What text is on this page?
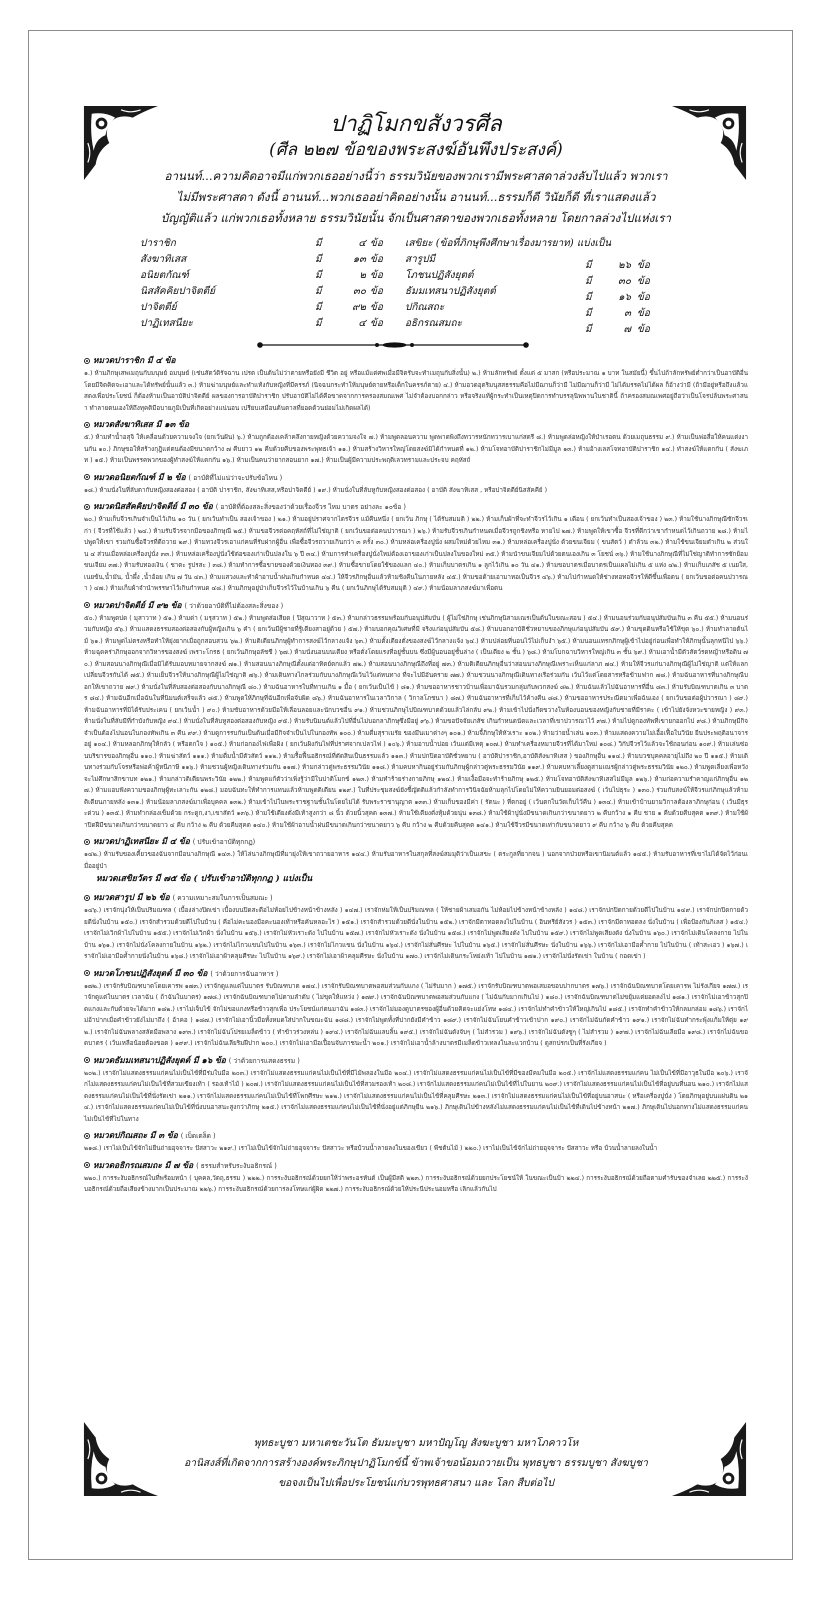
ปาฏิโมกขสังวรศีล
(ศีล ๒๒๗ ข้อของพระสงฆ์อันพึงประสงค์)
อานนท์...ความคิดอาจมีแก่พวกเธออย่างนี้ว่า ธรรมวินัยของพวกเรามีพระศาสดาล่วงลับไปแล้ว พวกเรา
ไม่มีพระศาสดา ดังนี้ อานนท์...พวกเธออย่าคิดอย่างนั้น อานนท์...ธรรมก็ดี วินัยก็ดี ที่เราแสดงแล้ว
บัญญัติแล้ว แก่พวกเธอทั้งหลาย ธรรมวินัยนั้น จักเป็นศาสดาของพวกเธอทั้งหลาย โดยกาลล่วงไปแห่งเรา
ปาราชิก	มี	๔ ข้อ
สังฆาทิเสส	มี	๑๓ ข้อ
อนิยตกัณฑ์	มี	๒ ข้อ
นิสสัคคิยปาจิตตีย์	มี	๓๐ ข้อ
ปาจิตตีย์	มี	๙๒ ข้อ
ปาฏิเทสนียะ	มี	๔ ข้อ
เสขิยะ (ข้อที่ภิกษุพึงศึกษาเรื่องมารยาท) แบ่งเป็น
สารูปมี
มี	๒๖ ข้อ
โภชนปฏิสังยุตต์
มี	๓๐ ข้อ
ธัมมเทสนาปฏิสังยุตต์
มี	๑๖ ข้อ
ปกิณสถะ
มี	๓ ข้อ
อธิกรณสมถะ
มี	๗ ข้อ
หมวดปาราชิก มี ๔ ข้อ
๑.) ห้ามภิกษุเสพเมถุนกับมนุษย์ อมนุษย์ (เช่นสัตว์ดิรัจฉาน เปรต เป็นต้นไม่ว่าตายหรือยังมี ชีวิต อยู่ หรือแม้แต่ศพเมื่อมีจิตรับจะทำเมถุนกับสิ่งนั้น) ๒.) ห้ามลักทรัพย์ ตั้งแต่ ๕ มาสก (หรือประมาณ ๑ บาท ในสมัยนี้) ขึ้นไปถ้าลักทรัพย์ต่ำกว่าเป็นอาบัติอื่น โดยมีจิตคิดจะเอาและได้ทรัพย์นั้นแล้ว ๓.) ห้ามฆ่ามนุษย์และทำแท้งกับหญิงที่มีครรภ์ (นิจฉนกระทำให้มนุษย์ตายหรือเด็กในครรภ์ตาย) ๔.) ห้ามอวดอุตริมนุสสธรรมคือไม่มีฌานก็ว่ามี ไม่มีฌานก็ว่ามี ไม่ได้มรรคไม่ได้ผล ก็อ้างว่ามี (ถ้ามีอยู่หรือถึงแล้วแสดงเพื่อประโยชน์ ก็ต้องห้ามเป็นอาบัติปาจิตตีย์ ผลของการอาบัติปาราชิก ปรับอาบัติไม่ได้คือขาดจากการครองสมณเพศ ไม่จำต้องบอกกล่าว หรือจริงแท้ผู้กระทำเป็นเหตุปิดการทำบรรลุนิพพานในชาตินี้ ถ้าครองสมณเพศอยู่ถือว่าเป็นโจรปล้นพระศาสนา ทำลายตนเองให้ถึงทุคติมีอบายภูมิเป็นที่เกิดอย่างแน่นอน เปรียบเสมือนต้นตาลที่ยอดด้วนย่อมไม่เกิดผลได้)
หมวดสังฆาทิเสส มี ๑๓ ข้อ
๕.) ห้ามทำน้ำอสุจิ ให้เคลื่อนด้วยความจงใจ (ยกเว้นฝัน) ๖.) ห้ามถูกต้องเคล้าคลึงกายหญิงด้วยความจงใจ ๗.) ห้ามพูดลอนความ พูดพาดพิงถึงทวารหนักทวารเบาแก่สตรี ๘.) ห้ามพูดล่อหญิงให้บำเรอตน ด้วยเมถุนธรรม ๙.) ห้ามเป็นพ่อสื่อให้คนแต่งงานกัน ๑๐.) ภิกษุขอให้สร้างกุฎิแต่ตนต้องมีขนาดกว้าง ๗ คืบยาว ๑๒ คืบด้วยคืบของพระพุทธเจ้า ๑๑.) ห้ามสร้างวิหารใหญ่โดยสงฆ์มิได้กำหนดที่ ๑๒.) ห้ามโจทอาบัติปาราชิกไม่มีมูล ๑๓.) ห้ามอ้างเลสโจทอาบัติปาราชิก ๑๔.) ทำสงฆ์ให้แตกกัน ( สังฆเภท ) ๑๕.) ห้ามเป็นพรรคพวกของผู้ทำสงฆ์ให้แตกกัน ๑๖.) ห้ามเป็นคนว่ายากสอนยาก ๑๗.) ห้ามเป็นผู้มีความประพฤติเลวทรามและประจบ คฤหัสถ์
หมวดอนิยตกัณฑ์ มี ๒ ข้อ ( อาบัติที่ไม่แน่ว่าจะปรับข้อไหน )
๑๘.) ห้ามนั่งในที่ลับตากับหญิงสองต่อสอง ( อาบัติ ปาราชิก, สังฆาทิเสส,หรือปาจิตตีย์ ) ๑๙.) ห้ามนั่งในที่ลับหูกับหญิงสองต่อสอง ( อาบัติ สังฆาทิเสส , หรือปาจิตตีย์นิสสัคคีย์ )
หมวดนิสสัคคิยปาจิตตีย์ มี ๓๐ ข้อ ( อาบัติที่ต้องสละสิ่งของว่าด้วยเรื่องจีวร ไหม บาตร อย่างละ ๑๐ข้อ )
๒๐.) ห้ามเก็บจีวรเกินจำเป็นไว้เกิน ๑๐ วัน ( ยกเว้นทำเป็น สองเจ้าของ ) ๒๑.) ห้ามอยู่ปราศจากไตรจีวร แม้คืนหนึ่ง ( ยกเว้น ภิกษุ ( ได้รับสมมติ ) ๒๒.) ห้ามเก็บผ้าที่จะทำจีวรไว้เกิน ๑ เดือน ( ยกเว้นทำเป็นสองเจ้าของ ) ๒๓.) ห้ามใช้นางภิกษุณีซักจีวรเก่า ( จีวรที่ใช้แล้ว ) ๒๔.) ห้ามรับจีวรจากมือของภิกษุณี ๒๕.) ห้ามขอจีวรต่อคฤหัสถ์ที่ไม่ใช่ญาติ ( ยกเว้นขอต่อคนปวารณา ) ๒๖.) ห้ามรับจีวรเกินกำหนดเมื่อจีวรถูกชิงหรือ หายไป ๒๗.) ห้ามพูดให้เขาซื้อ จีวรที่ดีกว่าเขากำหนดไว้เกินถวาย ๒๘.) ห้ามไปพูดให้เขา รวมกันซื้อจีวรที่ดีถวาย ๒๙.) ห้ามทวงจีวรเอาแก่คนที่รับฝากผู้อื่น เพื่อซื้อจีวรถวายเกินกว่า ๓ ครั้ง ๓๐.) ห้ามหล่อเครื่องปูนั่ง ผสมใหม่ด้วยไหม ๓๑.) ห้ามหล่อเครื่องปูนั่ง ด้วยขนเจียม ( ขนสัตว์ ) ดำล้วน ๓๒.) ห้ามใช้ขนเจียมดำเกิน ๒ ส่วนใน ๔ ส่วนเมื่อหล่อเครื่องปูนั่ง ๓๓.) ห้ามหล่อเครื่องปูนั่งใช้ต่อของเก่าเป็นปลงใน ๖ ปี ๓๔.) ห้ามการทำเครื่องปูนั่งใหม่ต้องเอาของเก่าเป็นปลงในของใหม่ ๓๕.) ห้ามนำขนเจียมไปด้วยตนเองเกิน ๓ โยชน์ ๓๖.) ห้ามใช้นางภิกษุณีที่ไม่ใช่ญาติทำการซักย้อมขนเจียม ๓๗.) ห้ามรับทองเงิน ( ชาตะ รูปรสะ ) ๓๘.) ห้ามทำการซื้อขายของด้วยเงินทอง ๓๙.) ห้ามซื้อขายโดยใช้ของแลก ๔๐.) ห้ามเก็บบาตรเกิน ๑ ลูกไว้เกิน ๑๐ วัน ๔๑.) ห้ามขอบาตรเมื่อบาตรเป็นแผลไม่เกิน ๕ แห่ง ๔๒.) ห้ามเก็บเภสัช ๕ เนยใส, เนยข้น,น้ำมัน, น้ำผึ้ง ,น้ำอ้อย เกิน ๗ วัน ๔๓.) ห้ามแสวงและทำผ้าอาบน้ำฝนเกินกำหนด ๔๔.) ให้จีวรภิกษุอื่นแล้วห้ามชิงคืนในภายหลัง ๔๕.) ห้ามขอด้ายเอามาทอเป็นจีวร ๔๖.) ห้ามไปกำหนดให้ช่างทอทอจีวรให้ดีขึ้นเพื่อตน ( ยกเว้นขอต่อคนปวารณา ) ๔๗.) ห้ามเก็บผ้าจำนำพรรษาไว้เกินกำหนด ๔๘.) ห้ามภิกษุอยู่ป่าเก็บจีวรไว้ในบ้านเกิน ๖ คืน ( ยกเว้นภิกษุได้รับสมมุติ ) ๔๙.) ห้ามน้อมลาภสงฆ์มาเพื่อตน
หมวดปาจิตตีย์ มี ๙๒ ข้อ ( ว่าด้วยอาบัติที่ไม่ต้องสละสิ่งของ )
๕๐.) ห้ามพูดปด ( มุสาวาท ) ๕๑.) ห้ามด่า ( มรุสวาท ) ๕๒.) ห้ามพูดส่อเสียด ( ปิสุณาวาท ) ๕๓.) ห้ามกล่าวธรรมพร้อมกับอนุปสัมบัน ( ผู้ไม่ใช่ภิกษุ เช่นภิกษุนิสามเณรเป็นต้นในขณะสอน ) ๕๔.) ห้ามนอนร่วมกับอนุปสัมบันเกิน ๓ คืน ๕๕.) ห้ามนอนร่วมกับหญิง ๕๖.) ห้ามแสดงธรรมสองต่อสองกับผู้หญิงเกิน ๖ คำ ( ยกเว้นมีผู้ชายที่รู้เดียงสาอยู่ด้วย ) ๕๗.) ห้ามบอกคุณวิเศษที่มี จริงแก่อนุปสัมบัน ๕๘.) ห้ามบอกอาบัติชั่วหยาบของภิกษุแก่อนุปสัมบัน ๕๙.) ห้ามขุดดินหรือใช้ให้ขุด ๖๐.) ห้ามทำลายต้นไม้ ๖๑.) ห้ามพูดไม่ตรงหรือทำให้ยุ่งยากเมื่อถูกสอบสวน ๖๒.) ห้ามติเตียนภิกษุผู้ทำการสงฆ์ไว้กลางแจ้ง ๖๓.) ห้ามตั้งเตียงตั่งของสงฆ์ไว้กลางแจ้ง ๖๔.) ห้ามปล่อยที่นอนไว้ไม่เก็บงำ ๖๕.) ห้ามนอนแทรกภิกษุผู้เข้าไปอยู่ก่อนเพื่อทำให้ภิกษุนั้นลุกหนีไป ๖๖.) ห้ามฉุดคร่าภิกษุออกจากวิหารของสงฆ์ เพราะโกรธ ( ยกเว้นภิกษุอลัชชี ) ๖๗.) ห้ามนั่งนอนบนเตียง หรือตั่งโดยแรงที่อยู่ชั้นบน ซึ่งมีผู้นอนอยู่ชั้นล่าง ( เป็นเตียง ๒ ชั้น ) ๖๘.) ห้ามโบกฉาบวิหารใหญ่เกิน ๓ ชั้น ๖๙.) ห้ามเอาน้ำมีตัวสัตว์รดหญ้าหรือดิน ๗๐.) ห้ามสอนนางภิกษุณีเมื่อมิได้รับมอบหมายจากสงฆ์ ๗๑.) ห้ามสอนนางภิกษุณีตั้งแต่อาทิตย์ตกแล้ว ๗๒.) ห้ามสอนนางภิกษุณีถึงที่อยู่ ๗๓.) ห้ามติเตียนภิกษุอื่นว่าสอนนางภิกษุณีเพราะเห็นแก่ลาภ ๗๔.) ห้ามให้จีวรแก่นางภิกษุณีผู้ไม่ใช่ญาติ แต่ให้แลก เปลี่ยนจีวรกันได้ ๗๕.) ห้ามเย็บจีวรให้นางภิกษุณีผู้ไม่ใช่ญาติ ๗๖.) ห้ามเดินทางไกลร่วมกับนางภิกษุณีเว้นไว้แต่หนทาง ที่จะไปมีอันตราย ๗๗.) ห้ามชวนนางภิกษุณีเดินทางเรือร่วมกัน เว้นไว้แต่โดยสารหรือข้ามฟาก ๗๘.) ห้ามฉันอาหารที่นางภิกษุณีบอกให้เขาถวาย ๗๙.) ห้ามนั่งในที่ลับสองต่อสองกับนางภิกษุณี ๘๐.) ห้ามฉันอาหารในที่ทานเกิน ๑ มื้อ ( ยกเว้นเป็นไข้ ) ๘๑.) ห้ามขออาหารชาวบ้านเพื่อมาฉันรวมกลุ่มกับพวกสงฆ์ ๘๒.) ห้ามฉันแล้วไปฉันอาหารที่อื่น ๘๓.) ห้ามรับบิณฑบาตเกิน ๓ บาตร ๘๔.) ห้ามฉันอีกเมื่อฉันในที่นิมนต์เสร็จแล้ว ๘๕.) ห้ามพูดให้ภิกษุที่ฉันอีกเพื่อจับผิด ๘๖.) ห้ามฉันอาหารในเวลาวิกาล ( วิกาลโภชนา ) ๘๗.) ห้ามฉันอาหารที่เก็บไว้ค้างคืน ๘๘.) ห้ามขออาหารประณีตมาเพื่อฉันเอง ( ยกเว้นขอต่อผู้ปวารณา ) ๘๙.) ห้ามฉันอาหารที่มิได้รับประเคน ( ยกเว้นน้ำ ) ๙๐.) ห้ามขับอาหารด้วยมือให้เลื่อนลอยและนักบวชอื่น ๙๑.) ห้ามชวนภิกษุไปบิณฑบาตด้วยแล้วไล่กลับ ๙๒.) ห้ามเข้าไปนั่งกีดขวางในห้องนอนของหญิงกับชายที่มีราคะ ( เข้าไปยังจังหวะขายหญิง ) ๙๓.) ห้ามนั่งในที่ลับมีที่กำบังกับหญิง ๙๔.) ห้ามนั่งในที่ลับหูสองต่อสองกับหญิง ๙๕.) ห้ามรับนิมนต์แล้วไปที่อื่นไม่บอกลาภิกษุซึ่งมีอยู่ ๙๖.) ห้ามขอปัจจัยเภสัช เกินกำหนดนัดและเวลาที่เขาปวารณาไว้ ๙๗.) ห้ามไปดูกองทัพที่เขายกออกไป ๙๘.) ห้ามภิกษุมีกิจจำเป็นต้องไปนอนในกองทัพเกิน ๓ คืน ๙๙.) ห้ามดูการรบกันเป็นต้นเมื่อมีกิจจำเป็นไปในกองทัพ ๑๐๐.) ห้ามดื่มสุราเมรัย ของมึนเมาต่างๆ ๑๐๑.) ห้ามจี้ภิกษุให้หัวเราะ ๑๐๒.) ห้ามว่ายน้ำเล่น ๑๐๓.) ห้ามแสดงความไม่เอื้อเฟื้อในวินัย ยืนประพฤติอนาจารอยู่ ๑๐๔.) ห้ามหลอกภิกษุให้กลัว ( หรือตกใจ ) ๑๐๕.) ห้ามก่อกองไฟเพื่อผิง ( ยกเว้นผิงกันไฟที่ปราศจากเปลวไฟ ) ๑๐๖.) ห้ามอาบน้ำบ่อย เว้นแต่มีเหตุ ๑๐๗.) ห้ามทำเครื่องหมายจีวรที่ได้มาใหม่ ๑๐๘.) วิกัปจีวรไว้แล้วจะใช้ถอนก่อน ๑๐๙.) ห้ามเล่นซ่อนบริขารของภิกษุอื่น ๑๑๐.) ห้ามฆ่าสัตว์ ๑๑๑.) ห้ามดื่มน้ำมีตัวสัตว์ ๑๑๒.) ห้ามรื้อฟื้นอธิกรณ์ที่ตัดสินเป็นธรรมแล้ว ๑๑๓.) ห้ามปกปิดอาบัติชั่วหยาบ ( อาบัติปาราชิก,อาบัติสังฆาทิเสส ) ของภิกษุอื่น ๑๑๔.) ห้ามบวชบุคคลอายุไม่ถึง ๒๐ ปี ๑๑๕.) ห้ามเดินทางร่วมกับโจรหรือพ่อค้าผู้หนีภาษี ๑๑๖.) ห้ามชวนผู้หญิงเดินทางร่วมกัน ๑๑๗.) ห้ามกล่าวตู่พระธรรมวินัย ๑๑๘.) ห้ามคบหากินอยู่ร่วมกับภิกษุผู้กล่าวตู่พระธรรมวินัย ๑๑๙.) ห้ามคบหาเลี้ยงดูสามเณรผู้กล่าวตู่พระธรรมวินัย ๑๒๐.) ห้ามพูดเลี่ยงเพื่อหวังจะไม่ศึกษาสิกขาบท ๑๒๑.) ห้ามกล่าวติเตียนพระวินัย ๑๒๒.) ห้ามพูดแก้ตัวว่าเพิ่งรู้ว่ามีในปาติโมกข์ ๑๒๓.) ห้ามทำร้ายร่างกายภิกษุ ๑๒๔.) ห้ามเงื้อมือจะทำร้ายภิกษุ ๑๒๕.) ห้ามโจทอาบัติสังฆาทิเสสไม่มีมูล ๑๒๖.) ห้ามก่อความรำคาญแก่ภิกษุอื่น ๑๒๗.) ห้ามแอบฟังความของภิกษุผู้ทะเลาะกัน ๑๒๘.) มอบฉันทะให้ทำการแทนแล้วห้ามพูดติเตียน ๑๒๙.) ในที่ประชุมสงฆ์ยังชี้ญัตติแล้วกำลังทำการวินิจฉัยห้ามลุกไปโดยไม่ให้ความยินยอมต่อสงฆ์ ( เว้นไปธุระ ) ๑๓๐.) ร่วมกับสงฆ์ให้จีวรแก่ภิกษุแล้วห้ามติเตียนภายหลัง ๑๓๑.) ห้ามน้อมลาภสงฆ์มาเพื่อบุคคล ๑๓๒.) ห้ามเข้าไปในพระราชฐานชั้นในโดยไม่ได้ รับพระราชานุญาต ๑๓๓.) ห้ามเก็บของมีค่า ( รัตนะ ) ที่ตกอยู่ ( เว้นตกในวัดเก็บไว้คืน ) ๑๓๔.) ห้ามเข้าบ้านยามวิกาลต้องลาภิกษุก่อน ( เว้นมีธุระด่วน ) ๑๓๕.) ห้ามทำกล่องเข็มด้วย กระดูก,งา,เขาสัตว์ ๑๓๖.) ห้ามใช้เตียงตั่งมีเท้าสูงกว่า ๘ นิ้ว ด้วยนิ้วสุคต ๑๓๗.) ห้ามใช้เตียงตั่งหุ้มด้วยนุ่น ๑๓๘.) ห้ามใช้ผ้าปูนั่งมีขนาดเกินกว่าขนาดยาว ๒ คืบกว้าง ๑ คืบ ชาย ๑ คืบด้วยคืบสุคต ๑๓๙.) ห้ามใช้ผ้าปิดฝีมีขนาดเกินกว่าขนาดยาว ๔ คืบ กว้าง ๒ คืบ ด้วยคืบสุคต ๑๔๐.) ห้ามใช้ผ้าอาบน้ำฝนมีขนาดเกินกว่าขนาดยาว ๖ คืบ กว้าง ๒ คืบด้วยคืบสุคต ๑๔๑.) ห้ามใช้จีวรมีขนาดเท่ากับขนาดยาว ๙ คืบ กว้าง ๖ คืบ ด้วยคืบสุคต
หมวดปาฏิเทสนียะ มี ๔ ข้อ ( ปรับเข้าอาบัติทุกกฏ)
๑๔๒.) ห้ามรับของเคี้ยวของฉันจากมือนางภิกษุณี ๑๔๓.) ให้ไล่นางภิกษุณีที่มายุ่งให้เขาถวายอาหาร ๑๔๔.) ห้ามรับอาหารในสกุลที่สงฆ์สมมุติว่าเป็นเสขะ ( ตระกูลที่ยากจน ) นอกจากป่วยหรือเขานิมนต์แล้ว ๑๔๕.) ห้ามรับอาหารที่เขาไม่ได้จัดไว้ก่อนเมื่ออยู่ป่า
หมวดเสขิยวัตร มี ๗๕ ข้อ ( ปรับเข้าอาบัติทุกกฏ ) แบ่งเป็น
หมวดสารูป มี ๒๖ ข้อ ( ความเหมาะสมในการเป็นสมณะ )
๑๔๖.) เราจักนุ่งให้เป็นปริมณฑล ( เบื้องล่างปิดเข่า เบื้องบนปิดสะดือไม่ห้อยไปข้างหน้าข้างหลัง ) ๑๔๗.) เราจักห่มให้เป็นปริมณฑล ( ให้ชายผ้าเสมอกัน ไม่ห้อยไปข้างหน้าข้างหลัง ) ๑๔๘.) เราจักปกปิดกายด้วยดีไปในบ้าน ๑๔๙.) เราจักปกปิดกายด้วยดีนั่งในบ้าน ๑๕๐.) เราจักสำรวมด้วยดีไปในบ้าน ( คือไม่คะนองมือคะนองเท้าหรือคันหลอะไร ) ๑๕๑.) เราจักสำรวมด้วยดีนั่งในบ้าน ๑๕๒.) เราจักมีตาทอดลงไปในบ้าน ( อินทรีย์สังวร ) ๑๕๓.) เราจักมีตาทอดลง นั่งในบ้าน ( เพื่อป้องกันกิเลส ) ๑๕๔.) เราจักไม่เวิกผ้าไปในบ้าน ๑๕๕.) เราจักไม่เวิกผ้า นั่งในบ้าน ๑๕๖.) เราจักไม่หัวเราะดัง ไปในบ้าน ๑๕๗.) เราจักไม่หัวเราะดัง นั่งในบ้าน ๑๕๘.) เราจักไม่พูดเสียงดัง ไปในบ้าน ๑๕๙.) เราจักไม่พูดเสียงดัง นั่งในบ้าน ๑๖๐.) เราจักไม่เดินโคลงกาย ไปในบ้าน ๑๖๑.) เราจักไม่นั่งโคลงกายในบ้าน ๑๖๒.) เราจักไม่ไกวแขนไปในบ้าน ๑๖๓.) เราจักไม่ไกวแขน นั่งในบ้าน ๑๖๔.) เราจักไม่สั่นศีรษะ ไปในบ้าน ๑๖๕.) เราจักไม่สั่นศีรษะ นั่งในบ้าน ๑๖๖.) เราจักไม่เอามือค้ำกาย ไปในบ้าน ( เท้าสะเอว ) ๑๖๗.) เราจักไม่เอามือค้ำกายนั่งในบ้าน ๑๖๘.) เราจักไม่เอาผ้าคลุมศีรษะ ไปในบ้าน ๑๖๙.) เราจักไม่เอาผ้าคลุมศีรษะ นั่งในบ้าน ๑๗๐.) เราจักไม่เดินกระโหย่งเท้า ไปในบ้าน ๑๗๑.) เราจักไม่นั่งรัดเข่า ในบ้าน ( กอดเข่า )
หมวดโภชนปฏิสังยุตต์ มี ๓๐ ข้อ ( ว่าด้วยการฉันอาหาร )
๑๗๒.) เราจักรับบิณฑบาตโดยเคารพ ๑๗๓.) เราจักดูแลแต่ในบาตร รับบิณฑบาต ๑๗๔.) เราจักรับบิณฑบาตพอสมส่วนกับแกง ( ไม่รับมาก ) ๑๗๕.) เราจักรับบิณฑบาตพอเสมอขอบปากบาตร ๑๗๖.) เราจักฉันบิณฑบาตโดยเคารพ ไม่รังเกียจ ๑๗๗.) เราจักดูแต่ในบาตร เวลาฉัน ( ถ้าฉันในบาตร) ๑๗๘.) เราจักฉันบิณฑบาตไปตามลำดับ ( ไม่ขุดให้แหว่ง ) ๑๗๙.) เราจักฉันบิณฑบาตพอสมส่วนกับแกง ( ไม่ฉันกับมากเกินไป ) ๑๘๐.) เราจักฉันบิณฑบาตไม่ขยุ้มแต่ยอดลงไป ๑๘๑.) เราจักไม่เอาข้าวสุกปิดแกงและกับด้วยจะได้มาก ๑๘๒.) เราไม่เจ็บไข้ จักไม่ขอแกงหรือข้าวสุกเพื่อ ประโยชน์แก่ตนมาฉัน ๑๘๓.) เราจักไม่มองดูบาตรของผู้อื่นด้วยคิดจะแย่งโทษ ๑๘๔.) เราจักไม่ทำคำข้าวให้ใหญ่เกินไป ๑๘๕.) เราจักทำคำข้าวให้กลมกล่อม ๑๘๖.) เราจักไม่อ้าปากเมื่อคำข้าวยังไม่มาถึง ( อ้าคอ ) ๑๘๗.) เราจักไม่เอานิ้วมือทั้งหมดใส่ปากในขณะฉัน ๑๘๘.) เราจักไม่พูดทั้งที่ปากยังมีคำข้าว ๑๘๙.) เราจักไม่ฉันโยนคำข้าวเข้าปาก ๑๙๐.) เราจักไม่ฉันกัดคำข้าว ๑๙๑.) เราจักไม่ฉันทำกระพุ้งแก้มให้ตุ่ย ๑๙๒.) เราจักไม่ฉันพลางสลัดมือพลาง ๑๙๓.) เราจักไม่ฉันโปรยเมล็ดข้าว ( ทำข้าวร่วงหล่น ) ๑๙๔.) เราจักไม่ฉันแลบลิ้น ๑๙๕.) เราจักไม่ฉันดังจับๆ ( ไม่สำรวม ) ๑๙๖.) เราจักไม่ฉันดังซูๆ ( ไม่สำรวม ) ๑๙๗.) เราจักไม่ฉันเลียมือ ๑๙๘.) เราจักไม่ฉันขอดบาตร ( เว้นเหลือน้อยต้องขอด ) ๑๙๙.) เราจักไม่ฉันเลียริมฝีปาก ๒๐๐.) เราจักไม่เอามือเปื้อนจับภาชนะน้ำ ๒๐๑.) เราจักไม่เอาน้ำล้างบาตรมีเมล็ดข้าวเทลงในละแวกบ้าน ( ดูสกปรกเป็นที่รังเกียจ )
หมวดธัมมเทสนาปฏิสังยุตต์ มี ๑๖ ข้อ ( ว่าด้วยการแสดงธรรม )
๒๐๒.) เราจักไม่แสดงธรรมแก่คนไม่เป็นไข้ที่มีร่มในมือ ๒๐๓.) เราจักไม่แสดงธรรมแก่คนไม่เป็นไข้ที่มีไม้พลองในมือ ๒๐๔.) เราจักไม่แสดงธรรมแก่คนไม่เป็นไข้ที่มีของมีคมในมือ ๒๐๕.) เราจักไม่แสดงธรรมแก่คน ไม่เป็นไข้ที่มีอาวุธในมือ ๒๐๖.) เราจักไม่แสดงธรรมแก่คนไม่เป็นไข้ที่สวมเขียงเท้า ( รองเท้าไม้ ) ๒๐๗.) เราจักไม่แสดงธรรมแก่คนไม่เป็นไข้ที่สวมรองเท้า ๒๐๘.) เราจักไม่แสดงธรรมแก่คนไม่เป็นไข้ที่ไปในยาน ๒๐๙.) เราจักไม่แสดงธรรมแก่คนไม่เป็นไข้ที่อยู่บนที่นอน ๒๑๐.) เราจักไม่แสดงธรรมแก่คนไม่เป็นไข้ที่นั่งรัดเข่า ๒๑๑.) เราจักไม่แสดงธรรมแก่คนไม่เป็นไข้ที่โพกศีรษะ ๒๑๒.) เราจักไม่แสดงธรรมแก่คนไม่เป็นไข้ที่คลุมศีรษะ ๒๑๓.) เราจักไม่แสดงธรรมแก่คนไม่เป็นไข้ที่อยู่บนอาสนะ ( หรือเครื่องปูนั่ง ) โดยภิกษุอยู่บนแผ่นดิน ๒๑๔.) เราจักไม่แสดงธรรมแก่คนไม่เป็นไข้ที่นั่งบนอาสนะสูงกว่าภิกษุ ๒๑๕.) เราจักไม่แสดงธรรมแก่คนไม่เป็นไข้ที่นั่งอยู่แต่ภิกษุยืน ๒๑๖.) ภิกษุเดินไปข้างหลังไม่แสดงธรรมแก่คนไม่เป็นไข้ที่เดินไปข้างหน้า ๒๑๗.) ภิกษุเดินไปนอกทางไม่แสดงธรรมแก่คนไม่เป็นไข้ที่ไปในทาง
หมวดปกิณสถะ มี ๓ ข้อ ( เบ็ดเตล็ด )
๒๑๘.) เราไม่เป็นไข้จักไม่ยืนถ่ายอุจจาระ ปัสสาวะ ๒๑๙.) เราไม่เป็นไข้จักไม่ถ่ายอุจจาระ ปัสสาวะ หรือบ้วนน้ำลายลงในของเขียว ( พืชต้นไม้ ) ๒๒๐.) เราไม่เป็นไข้จักไม่ถ่ายอุจจาระ ปัสสาวะ หรือ บ้วนน้ำลายลงในน้ำ
หมวดอธิกรณสมถะ มี ๗ ข้อ ( ธรรมสำหรับระงับอธิกรณ์ )
๒๒๐.) การระงับอธิกรณ์ในที่พร้อมหน้า ( บุคคล,วัตถุ,ธรรม ) ๒๒๒.) การระงับอธิกรณ์ด้วยยกให้ว่าพระอรหันต์ เป็นผู้มีสติ ๒๒๓.) การระงับอธิกรณ์ด้วยยกประโยชน์ให้ ในขณะเป็นบ้า ๒๒๔.) การระงับอธิกรณ์ด้วยถือตามคำรับของจำเลย ๒๒๕.) การระงับอธิกรณ์ด้วยถือเสียงข้างมากเป็นประมาณ ๒๒๖.) การระงับอธิกรณ์ด้วยการลงโทษแก่ผู้ผิด ๒๒๗.) การระงับอธิกรณ์ด้วยให้ประนีประนอมหรือ เลิกแล้วกันไป
พุทธะบูชา มหาเตชะวันโต ธัมมะบูชา มหาปัญโญ สังฆะบูชา มหาโภคาวโห
อานิสงส์ที่เกิดจากการสร้างองค์พระภิกษุปาฏิโมกข์นี้ ข้าพเจ้าขอน้อมถวายเป็น พุทธบูชา ธรรมบูชา สังฆบูชา
ขอจงเป็นไปเพื่อประโยชน์แก่บวรพุทธศาสนา และ โลก สืบต่อไป
